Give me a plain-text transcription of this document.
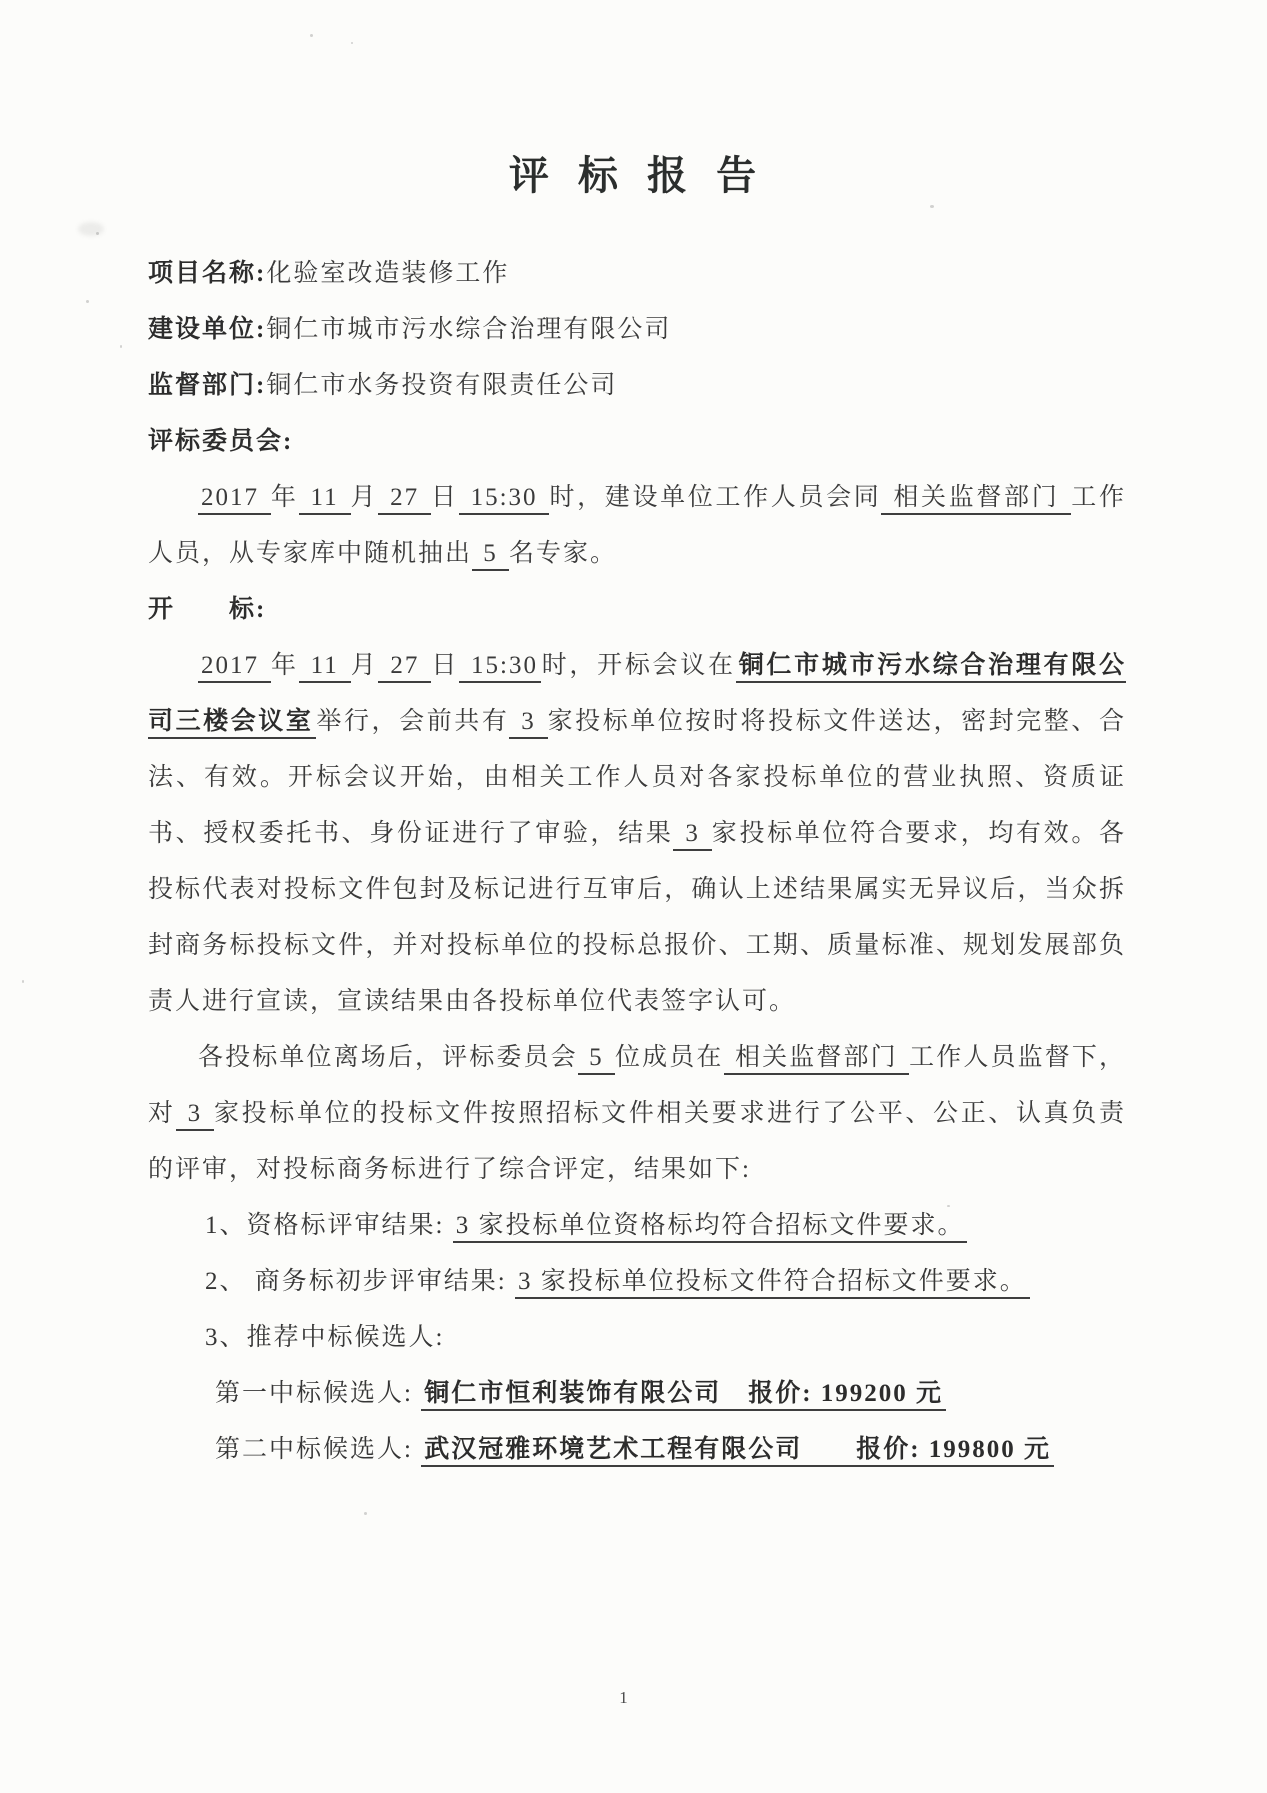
评 标 报 告
项目名称:化验室改造装修工作
建设单位:铜仁市城市污水综合治理有限公司
监督部门:铜仁市水务投资有限责任公司
评标委员会:

2017 年 11 月 27 日 15:30 时，建设单位工作人员会同 相关监督部门 工作人员，从专家库中随机抽出 5 名专家。

开　　标:

2017 年 11 月 27 日 15:30 时，开标会议在 铜仁市城市污水综合治理有限公司三楼会议室 举行，会前共有 3 家投标单位按时将投标文件送达，密封完整、合法、有效。开标会议开始，由相关工作人员对各家投标单位的营业执照、资质证书、授权委托书、身份证进行了审验，结果 3 家投标单位符合要求，均有效。各投标代表对投标文件包封及标记进行互审后，确认上述结果属实无异议后，当众拆封商务标投标文件，并对投标单位的投标总报价、工期、质量标准、规划发展部负责人进行宣读，宣读结果由各投标单位代表签字认可。

各投标单位离场后，评标委员会 5 位成员在 相关监督部门 工作人员监督下，对 3 家投标单位的投标文件按照招标文件相关要求进行了公平、公正、认真负责的评审，对投标商务标进行了综合评定，结果如下:

1、资格标评审结果: 3 家投标单位资格标均符合招标文件要求。
2、 商务标初步评审结果: 3 家投标单位投标文件符合招标文件要求。
3、推荐中标候选人:
第一中标候选人: 铜仁市恒利装饰有限公司　报价: 199200 元
第二中标候选人: 武汉冠雅环境艺术工程有限公司　　报价: 199800 元
1
